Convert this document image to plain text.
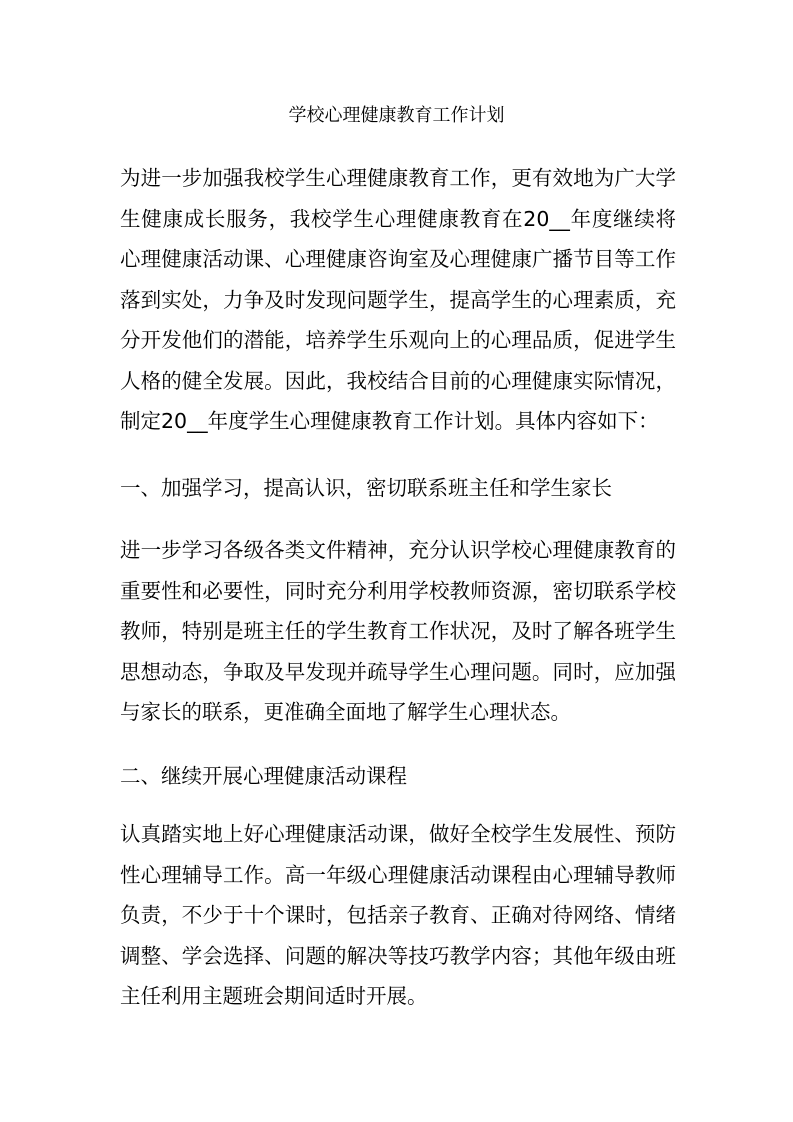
学校心理健康教育工作计划

为进一步加强我校学生心理健康教育工作，更有效地为广大学生健康成长服务，我校学生心理健康教育在20__年度继续将心理健康活动课、心理健康咨询室及心理健康广播节目等工作落到实处，力争及时发现问题学生，提高学生的心理素质，充分开发他们的潜能，培养学生乐观向上的心理品质，促进学生人格的健全发展。因此，我校结合目前的心理健康实际情况，制定20__年度学生心理健康教育工作计划。具体内容如下：

一、加强学习，提高认识，密切联系班主任和学生家长

进一步学习各级各类文件精神，充分认识学校心理健康教育的重要性和必要性，同时充分利用学校教师资源，密切联系学校教师，特别是班主任的学生教育工作状况，及时了解各班学生思想动态，争取及早发现并疏导学生心理问题。同时，应加强与家长的联系，更准确全面地了解学生心理状态。

二、继续开展心理健康活动课程

认真踏实地上好心理健康活动课，做好全校学生发展性、预防性心理辅导工作。高一年级心理健康活动课程由心理辅导教师负责，不少于十个课时，包括亲子教育、正确对待网络、情绪调整、学会选择、问题的解决等技巧教学内容；其他年级由班主任利用主题班会期间适时开展。
